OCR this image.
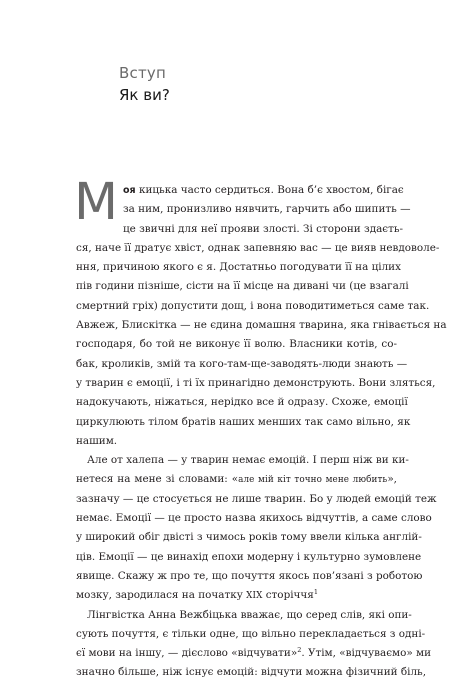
Вступ
Як ви?
М оя кицька часто сердиться. Вона б’є хвостом, бігає
за ним, пронизливо нявчить, гарчить або шипить —
це звичні для неї прояви злості. Зі сторони здаєть-
ся, наче її дратує хвіст, однак запевняю вас — це вияв невдоволе-
ння, причиною якого є я. Достатньо погодувати її на цілих
пів години пізніше, сісти на її місце на дивані чи (це взагалі
смертний гріх) допустити дощ, і вона поводитиметься саме так.
Авжеж, Блискітка — не єдина домашня тварина, яка гнівається на
господаря, бо той не виконує її волю. Власники котів, со-
бак, кроликів, змій та кого-там-ще-заводять-люди знають —
у тварин є емоції, і ті їх принагідно демонструють. Вони зляться,
надокучають, ніжаться, нерідко все й одразу. Схоже, емоції
циркулюють тілом братів наших менших так само вільно, як
нашим.
Але от халепа — у тварин немає емоцій. І перш ніж ви ки-
нетеся на мене зі словами: «але мій кіт точно мене любить»,
зазначу — це стосується не лише тварин. Бо у людей емоцій теж
немає. Емоції — це просто назва якихось відчуттів, а саме слово
у широкий обіг двісті з чимось років тому ввели кілька англій-
ців. Емоції — це винахід епохи модерну і культурно зумовлене
явище. Скажу ж про те, що почуття якось пов’язані з роботою
мозку, зародилася на початку XIX сторіччя$^1$
Лінгвістка Анна Вежбіцька вважає, що серед слів, які опи-
сують почуття, є тільки одне, що вільно перекладається з одні-
єї мови на іншу, — дієслово «відчувати»$^2$. Утім, «відчуваємо» ми
значно більше, ніж існує емоцій: відчути можна фізичний біль,
